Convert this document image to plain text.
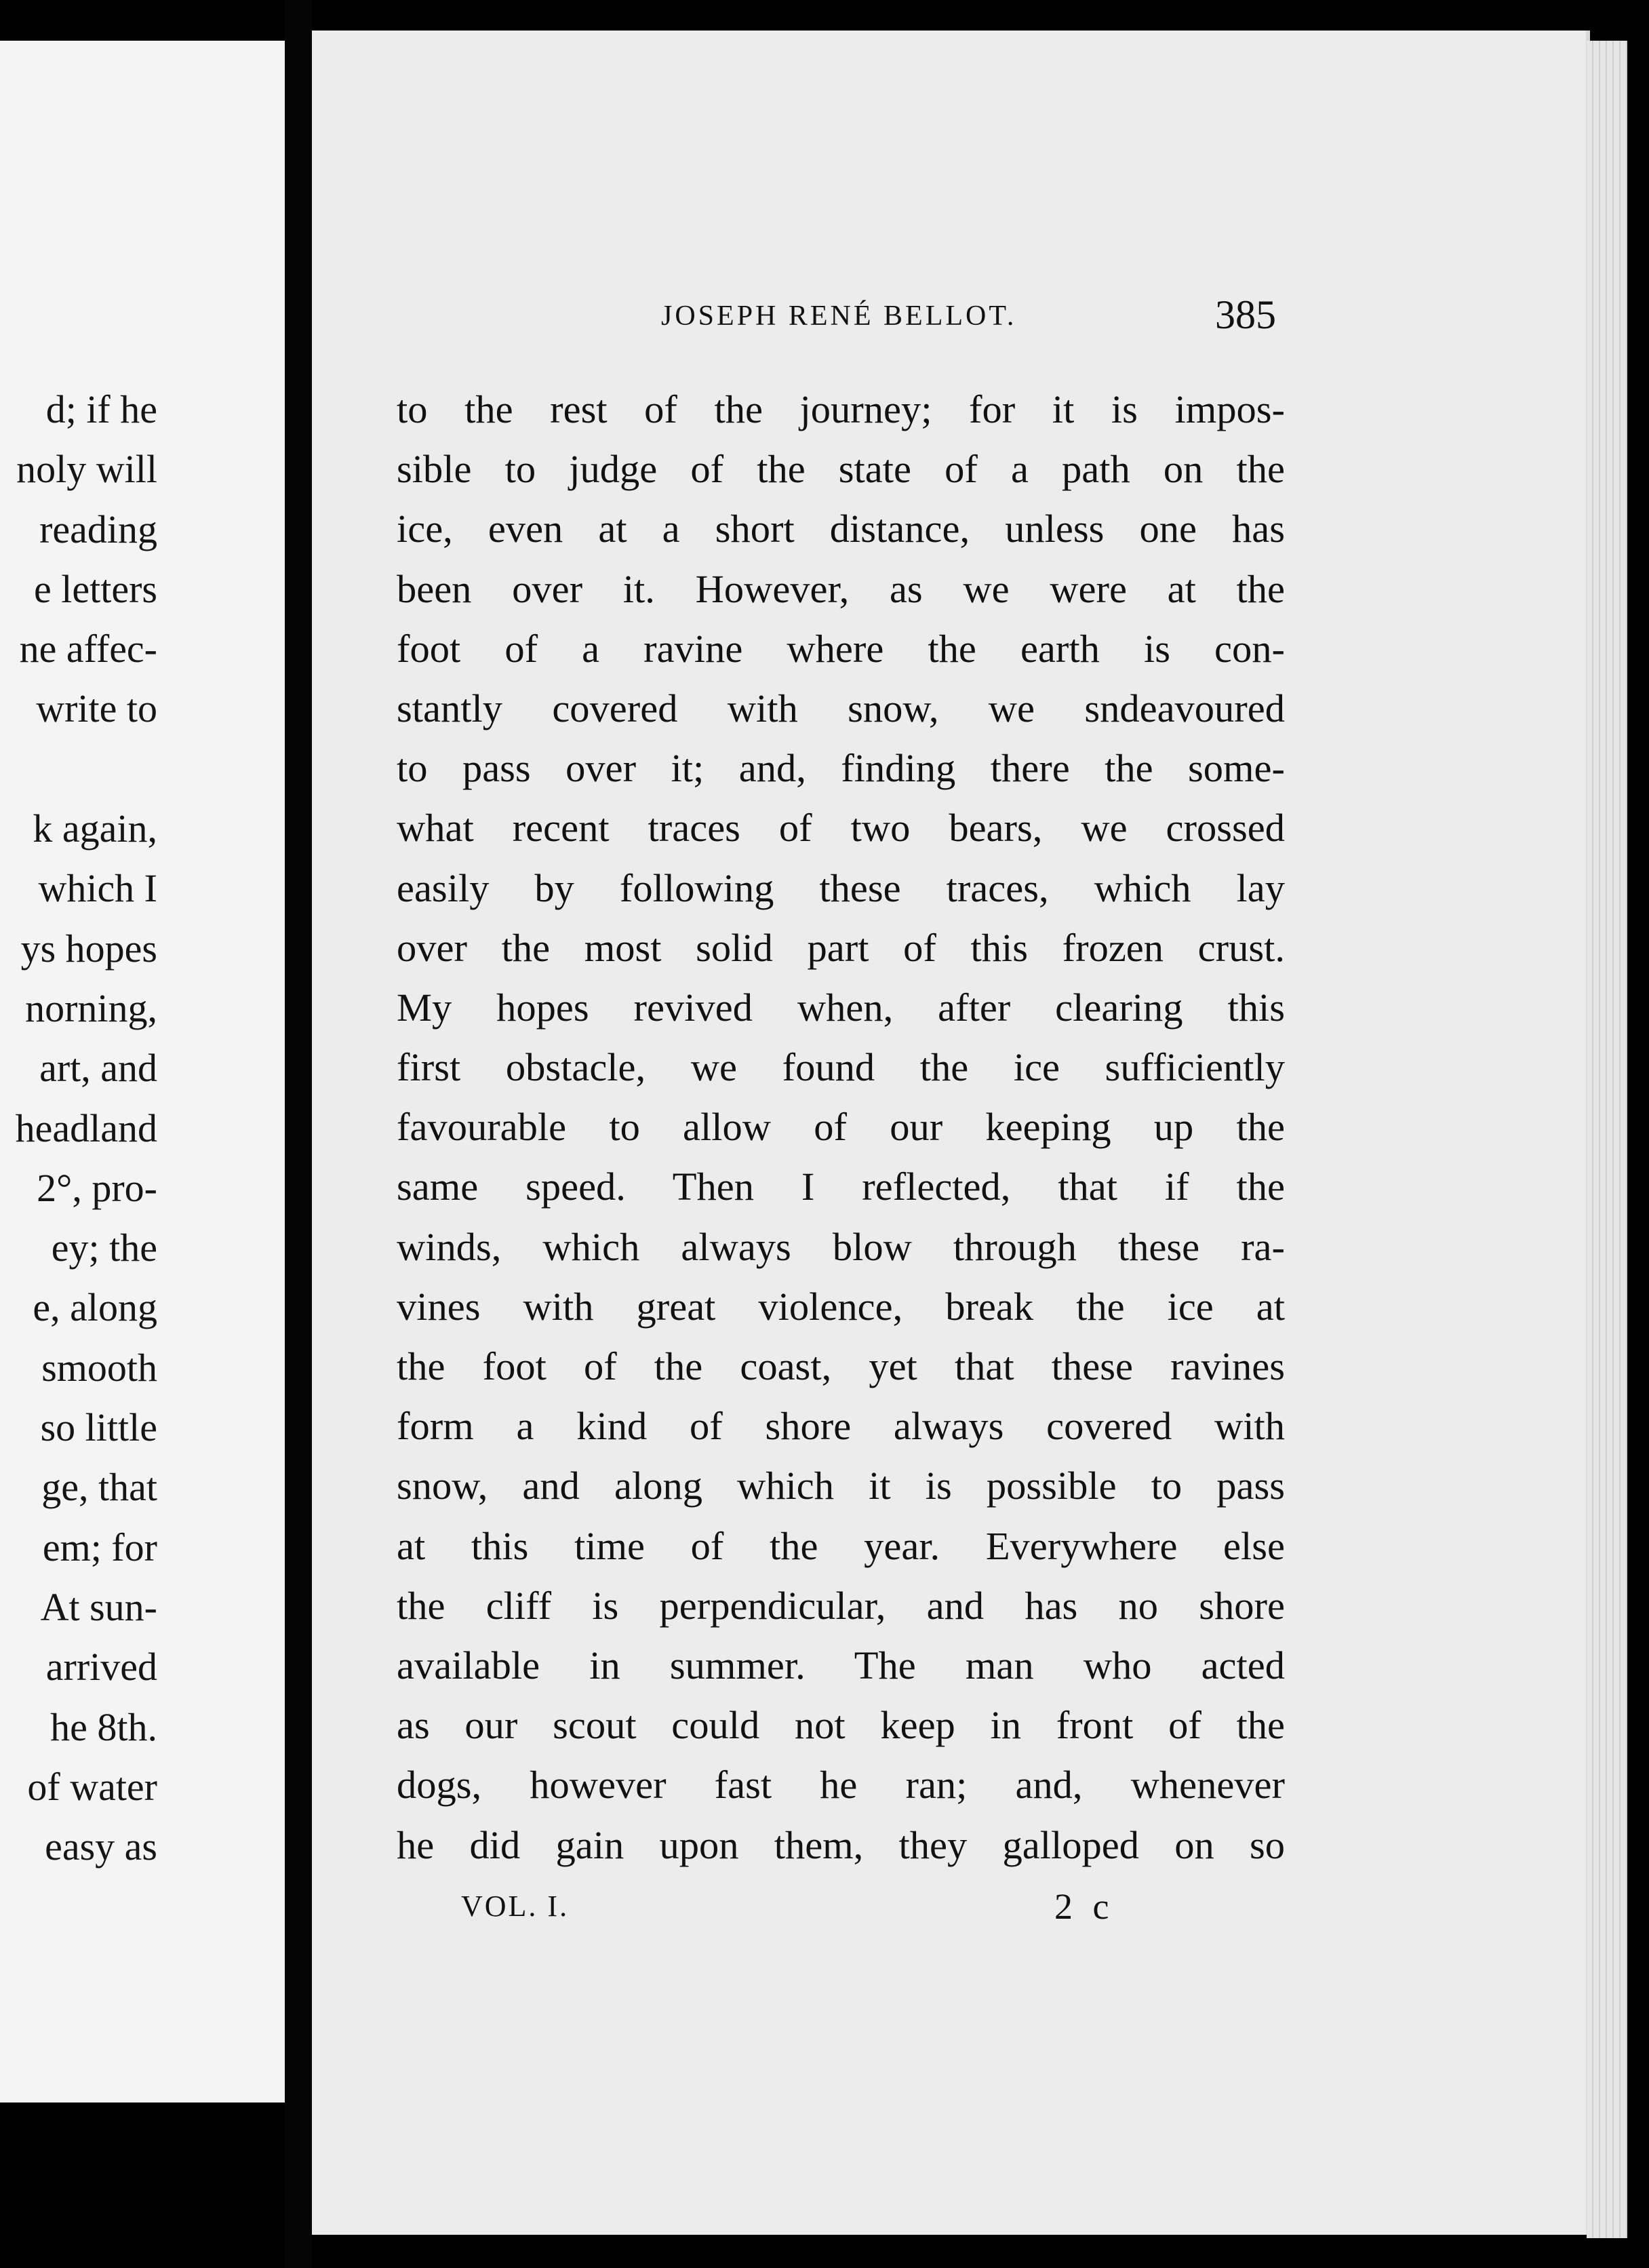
d; if he
noly will
reading
e letters
ne affec-
write to
k again,
which I
ys hopes
norning,
art, and
headland
2°, pro-
ey; the
e, along
smooth
so little
ge, that
em; for
At sun-
arrived
he 8th.
of water
easy as
JOSEPH RENÉ BELLOT.	385
to the rest of the journey; for it is impos-
sible to judge of the state of a path on the
ice, even at a short distance, unless one has
been over it. However, as we were at the
foot of a ravine where the earth is con-
stantly covered with snow, we sndeavoured
to pass over it; and, finding there the some-
what recent traces of two bears, we crossed
easily by following these traces, which lay
over the most solid part of this frozen crust.
My hopes revived when, after clearing this
first obstacle, we found the ice sufficiently
favourable to allow of our keeping up the
same speed. Then I reflected, that if the
winds, which always blow through these ra-
vines with great violence, break the ice at
the foot of the coast, yet that these ravines
form a kind of shore always covered with
snow, and along which it is possible to pass
at this time of the year. Everywhere else
the cliff is perpendicular, and has no shore
available in summer. The man who acted
as our scout could not keep in front of the
dogs, however fast he ran; and, whenever
he did gain upon them, they galloped on so
VOL. I.	2 c
